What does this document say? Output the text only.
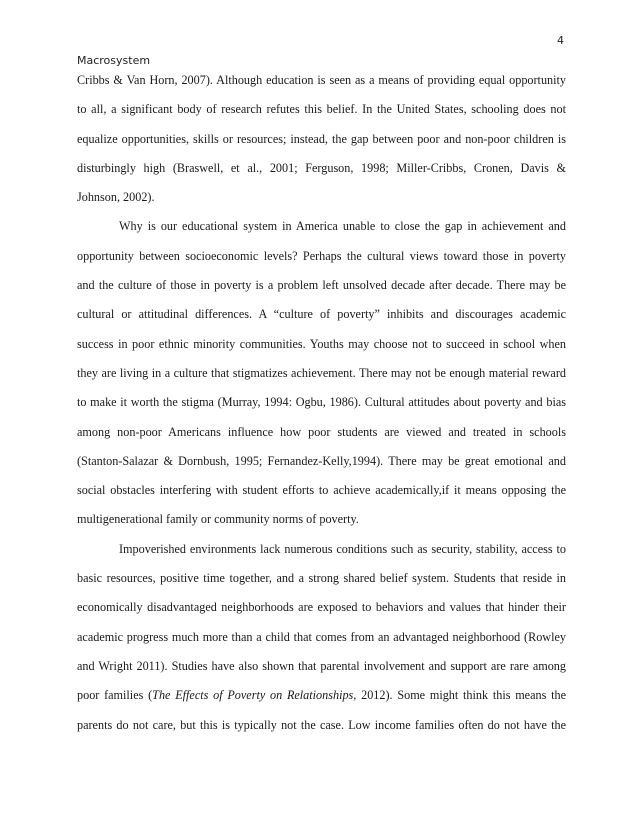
4
Macrosystem
Cribbs & Van Horn, 2007). Although education is seen as a means of providing equal opportunity
to all, a significant body of research refutes this belief. In the United States, schooling does not
equalize opportunities, skills or resources; instead, the gap between poor and non-poor children is
disturbingly high (Braswell, et al., 2001; Ferguson, 1998; Miller-Cribbs, Cronen, Davis &
Johnson, 2002).
Why is our educational system in America unable to close the gap in achievement and
opportunity between socioeconomic levels? Perhaps the cultural views toward those in poverty
and the culture of those in poverty is a problem left unsolved decade after decade. There may be
cultural or attitudinal differences. A “culture of poverty” inhibits and discourages academic
success in poor ethnic minority communities. Youths may choose not to succeed in school when
they are living in a culture that stigmatizes achievement. There may not be enough material reward
to make it worth the stigma (Murray, 1994: Ogbu, 1986). Cultural attitudes about poverty and bias
among non-poor Americans influence how poor students are viewed and treated in schools
(Stanton-Salazar & Dornbush, 1995; Fernandez-Kelly,1994). There may be great emotional and
social obstacles interfering with student efforts to achieve academically,if it means opposing the
multigenerational family or community norms of poverty.
Impoverished environments lack numerous conditions such as security, stability, access to
basic resources, positive time together, and a strong shared belief system. Students that reside in
economically disadvantaged neighborhoods are exposed to behaviors and values that hinder their
academic progress much more than a child that comes from an advantaged neighborhood (Rowley
and Wright 2011). Studies have also shown that parental involvement and support are rare among
poor families (The Effects of Poverty on Relationships, 2012). Some might think this means the
parents do not care, but this is typically not the case. Low income families often do not have the
